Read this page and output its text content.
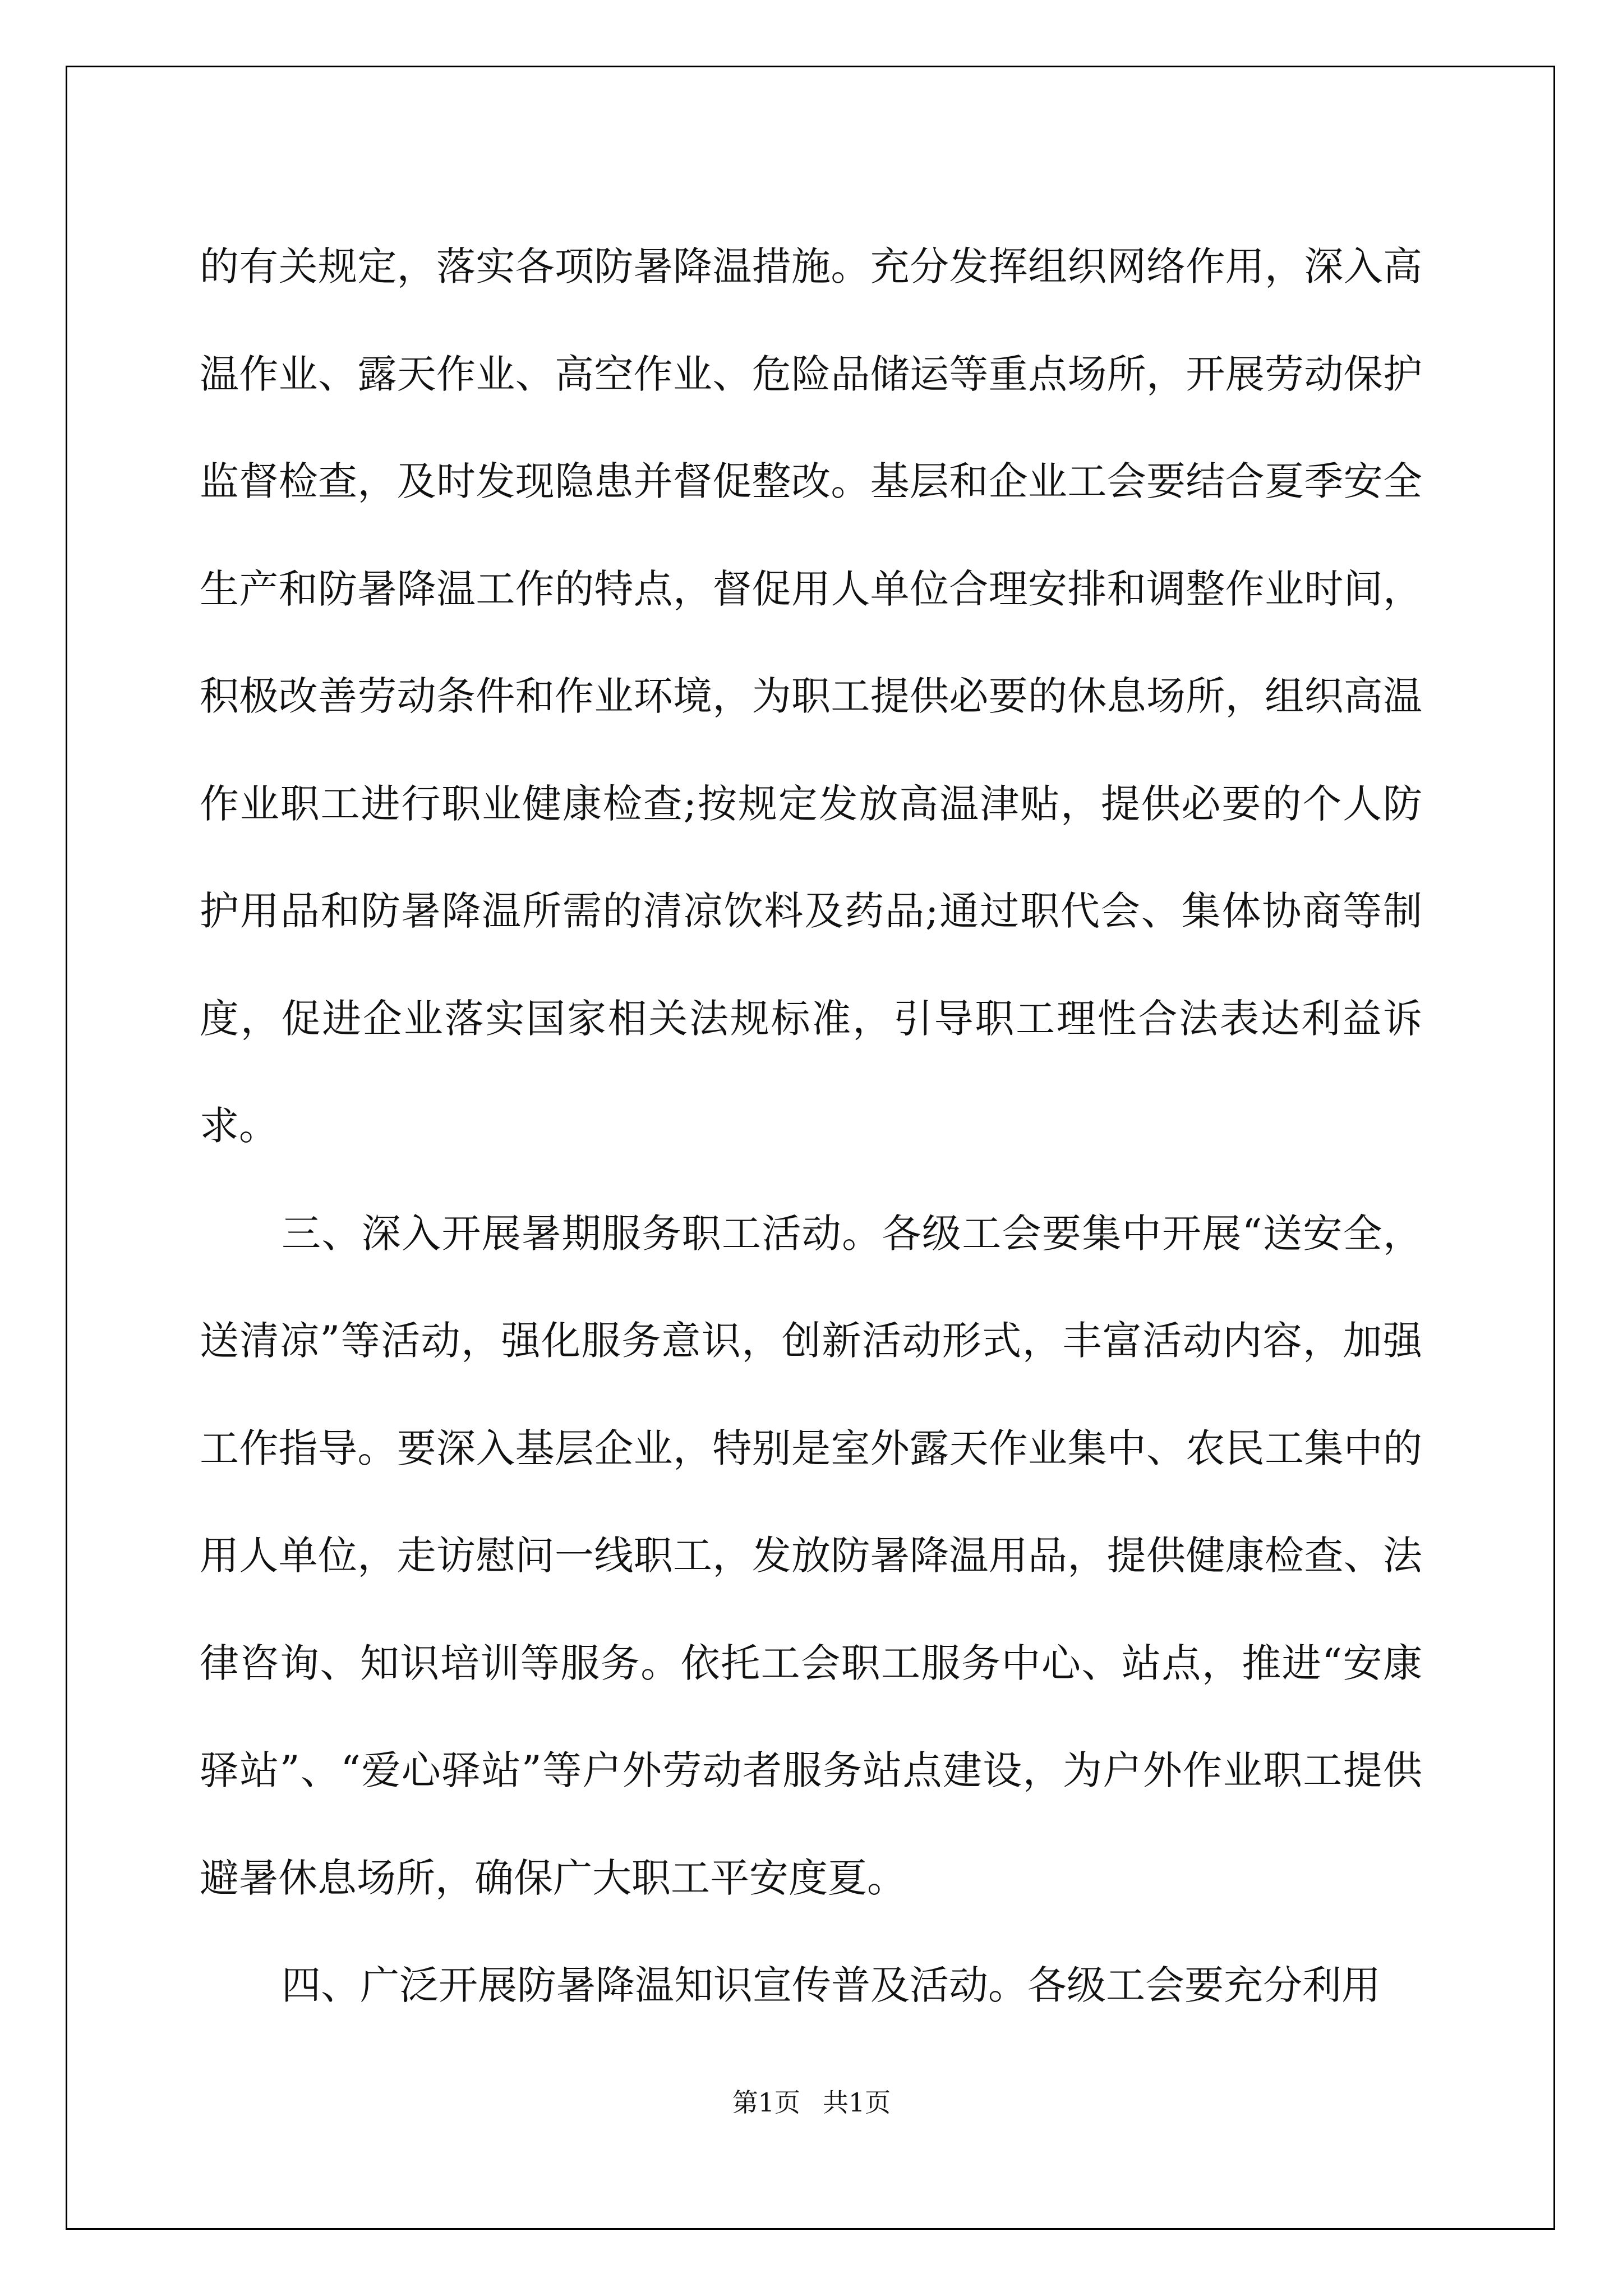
的有关规定，落实各项防暑降温措施。充分发挥组织网络作用，深入高温作业、露天作业、高空作业、危险品储运等重点场所，开展劳动保护监督检查，及时发现隐患并督促整改。基层和企业工会要结合夏季安全生产和防暑降温工作的特点，督促用人单位合理安排和调整作业时间，积极改善劳动条件和作业环境，为职工提供必要的休息场所，组织高温作业职工进行职业健康检查;按规定发放高温津贴，提供必要的个人防护用品和防暑降温所需的清凉饮料及药品;通过职代会、集体协商等制度，促进企业落实国家相关法规标准，引导职工理性合法表达利益诉求。

三、深入开展暑期服务职工活动。各级工会要集中开展“送安全，送清凉”等活动，强化服务意识，创新活动形式，丰富活动内容，加强工作指导。要深入基层企业，特别是室外露天作业集中、农民工集中的用人单位，走访慰问一线职工，发放防暑降温用品，提供健康检查、法律咨询、知识培训等服务。依托工会职工服务中心、站点，推进“安康驿站”、“爱心驿站”等户外劳动者服务站点建设，为户外作业职工提供避暑休息场所，确保广大职工平安度夏。

四、广泛开展防暑降温知识宣传普及活动。各级工会要充分利用

第1页 共1页
